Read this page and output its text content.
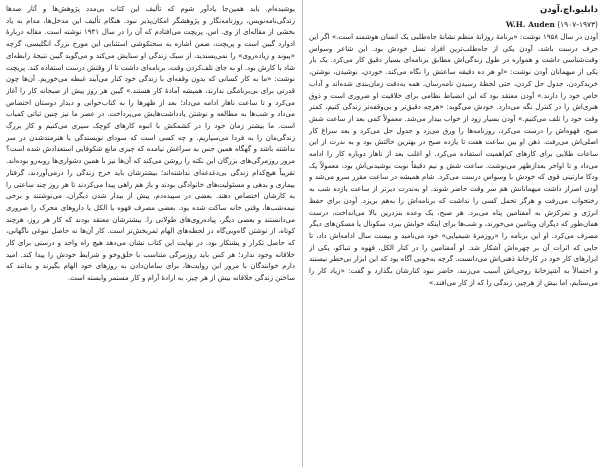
پوشیده‌ام. باید همین‌جا یادآور شوم که تألیف این کتاب بی‌مدد پژوهش‌ها و آثار صدها زندگی‌نامه‌نویس، روزنامه‌نگار و پژوهشگر امکان‌پذیر نبود. هنگام تألیف این مدخل‌ها، مدام به یاد بخشی از مقاله‌ای از وی. اس. پریچت می‌افتادم که آن را در سال ۱۹۴۱ نوشته است. مقاله دربارهٔ ادوارد گیبن است و پریچت، ضمن اشاره به سختکوشی استثنایی این مورخ بزرگ انگلیسی، گرچه «پیوند و زیاده‌روی» را نمی‌پسندید، از سبک زندگی او ستایش می‌کند و می‌گوید گیبن نتیجهٔ رابطه‌ای شاد با کارش بود. او به جای تلف‌کردن وقت، برنامه‌ای داشت تا از وقتش درست استفاده کند. پریچت نوشت: «ما به کار کسانی که بدون وقفه‌ای با زندگی خود کنار می‌آیند غبطه می‌خوریم. آن‌ها چون قدرتی برای بی‌برنامگی ندارند، همیشه آمادهٔ کار هستند.» گیبن هر روز پیش از صبحانه کار را آغاز می‌کرد و تا ساعت ناهار ادامه می‌داد؛ بعد از ظهرها را به کتاب‌خوانی و دیدار دوستان اختصاص می‌داد و شب‌ها به مطالعه و نوشتن یادداشت‌هایش می‌پرداخت. در عصر ما نیز چنین ثباتی کمیاب است. ما بیشتر زمان خود را در کشمکش با انبوه کارهای کوچک سپری می‌کنیم و کار بزرگ زندگی‌مان را به فردا می‌سپاریم. و چه کسی است که سودای نویسندگی یا هنرمندشدن در سر نداشته باشد و گهگاه همین حس به سراغش نیامده که چیزی مانع شکوفایی استعدادش شده است؟ مرور روزمرگی‌های بزرگان این نکته را روشن می‌کند که آن‌ها نیز با همین دشواری‌ها روبه‌رو بوده‌اند. تقریباً هیچ‌کدام زندگی بی‌دغدغه‌ای نداشته‌اند؛ بیشترشان باید خرج زندگی را درمی‌آوردند، گرفتار بیماری و بدهی و مسئولیت‌های خانوادگی بودند و باز هم راهی پیدا می‌کردند تا هر روز چند ساعتی را به کارشان اختصاص دهند. بعضی در سپیده‌دم، پیش از بیدار شدن دیگران، می‌نوشتند و برخی نیمه‌شب‌ها، وقتی خانه ساکت شده بود. بعضی مصرف قهوه یا الکل یا داروهای محرک را ضروری می‌دانستند و بعضی دیگر، پیاده‌روی‌های طولانی را. بیشترشان معتقد بودند که کار هر روز، هرچند کوتاه، از نوشتن گاه‌وبی‌گاه در لحظه‌های الهام ثمربخش‌تر است. کار آن‌ها نه حاصل نبوغی ناگهانی، که حاصل تکرار و پشتکار بود. در نهایت این کتاب نشان می‌دهد هیچ راه واحد و درستی برای کار خلاقانه وجود ندارد؛ هر کس باید روزمرگی متناسب با خلق‌وخو و شرایط خودش را پیدا کند. امید دارم خوانندگان با مرور این روایت‌ها، برای سامان‌دادن به روزهای خود الهام بگیرند و بدانند که ساختن زندگی خلاقانه بیش از هر چیز، به ارادهٔ آرام و کار مستمر وابسته است.

دابلیو.اچ.آودن
W.H. Auden (۱۹۰۷-۱۹۷۳)

آودن در سال ۱۹۵۸ نوشت: «برنامهٔ روزانهٔ منظم نشانهٔ جاه‌طلبی یک انسان هوشمند است.» اگر این حرف درست باشد، آودن یکی از جاه‌طلب‌ترین افراد نسل خودش بود. این شاعر وسواس وقت‌شناسی داشت و همواره در طول زندگی‌اش مطابق برنامه‌ای بسیار دقیق کار می‌کرد. یک بار یکی از میهمانان آودن نوشت: «او هر ده دقیقه ساعتش را نگاه می‌کند. خوردن، نوشیدن، نوشتن، خریدکردن، جدول حل کردن، حتی لحظهٔ رسیدن نامه‌رسان، همه به‌دقت زمان‌بندی شده‌اند و آداب خاص خود را دارند.» آودن معتقد بود که این انضباط نظامی برای خلاقیت او ضروری است و ذوق هنری‌اش را در کنترل نگه می‌دارد. خودش می‌گوید: «هرچه دقیق‌تر و بی‌وقفه‌تر زندگی کنیم، کمتر وقت خود را تلف می‌کنیم.» آودن بسیار زود از خواب بیدار می‌شد. معمولاً کمی بعد از ساعت شش صبح، قهوه‌اش را درست می‌کرد، روزنامه‌ها را ورق می‌زد و جدول حل می‌کرد و بعد سراغ کار اصلی‌اش می‌رفت. ذهن او بین ساعت هفت تا یازده صبح در بهترین حالتش بود و به ندرت از این ساعات طلایی برای کارهای کم‌اهمیت استفاده می‌کرد. او اغلب بعد از ناهار دوباره کار را ادامه می‌داد و تا اواخر بعدازظهر می‌نوشت. ساعت شش و نیم دقیقاً نوبت نوشیدنی‌اش بود، معمولاً یک ودکا مارتینی قوی که خودش با وسواس درست می‌کرد. شام همیشه در ساعت مقرر سرو می‌شد و آودن اصرار داشت میهمانانش هم سر وقت حاضر شوند. او به‌ندرت دیرتر از ساعت یازده شب به رختخواب می‌رفت و هرگز تحمل کسی را نداشت که برنامه‌اش را به‌هم بریزد. آودن برای حفظ انرژی و تمرکزش به آمفتامین پناه می‌برد. هر صبح، یک وعده بنزدرین بالا می‌انداخت، درست همان‌طور که دیگران ویتامین می‌خورند، و شب‌ها برای اینکه خوابش ببرد، سکونال یا مسکن‌های دیگر مصرف می‌کرد. او این برنامه را «روزمرهٔ شیمیایی» خود می‌نامید و بیست سال ادامه‌اش داد، تا جایی که اثرات آن بر چهره‌اش آشکار شد. او آمفتامین را در کنار الکل، قهوه و تنباکو، یکی از ابزارهای کار خود در کارخانهٔ ذهنی‌اش می‌دانست. گرچه به‌خوبی آگاه بود که این ابزار بی‌خطر نیستند و احتمالاً به آشپزخانهٔ روحی‌اش آسیب می‌زنند، حاضر نبود کنارشان بگذارد و گفت: «زیاد کار را می‌ستایم، اما بیش از هرچیز، زندگی را که از کار می‌افتد.»
